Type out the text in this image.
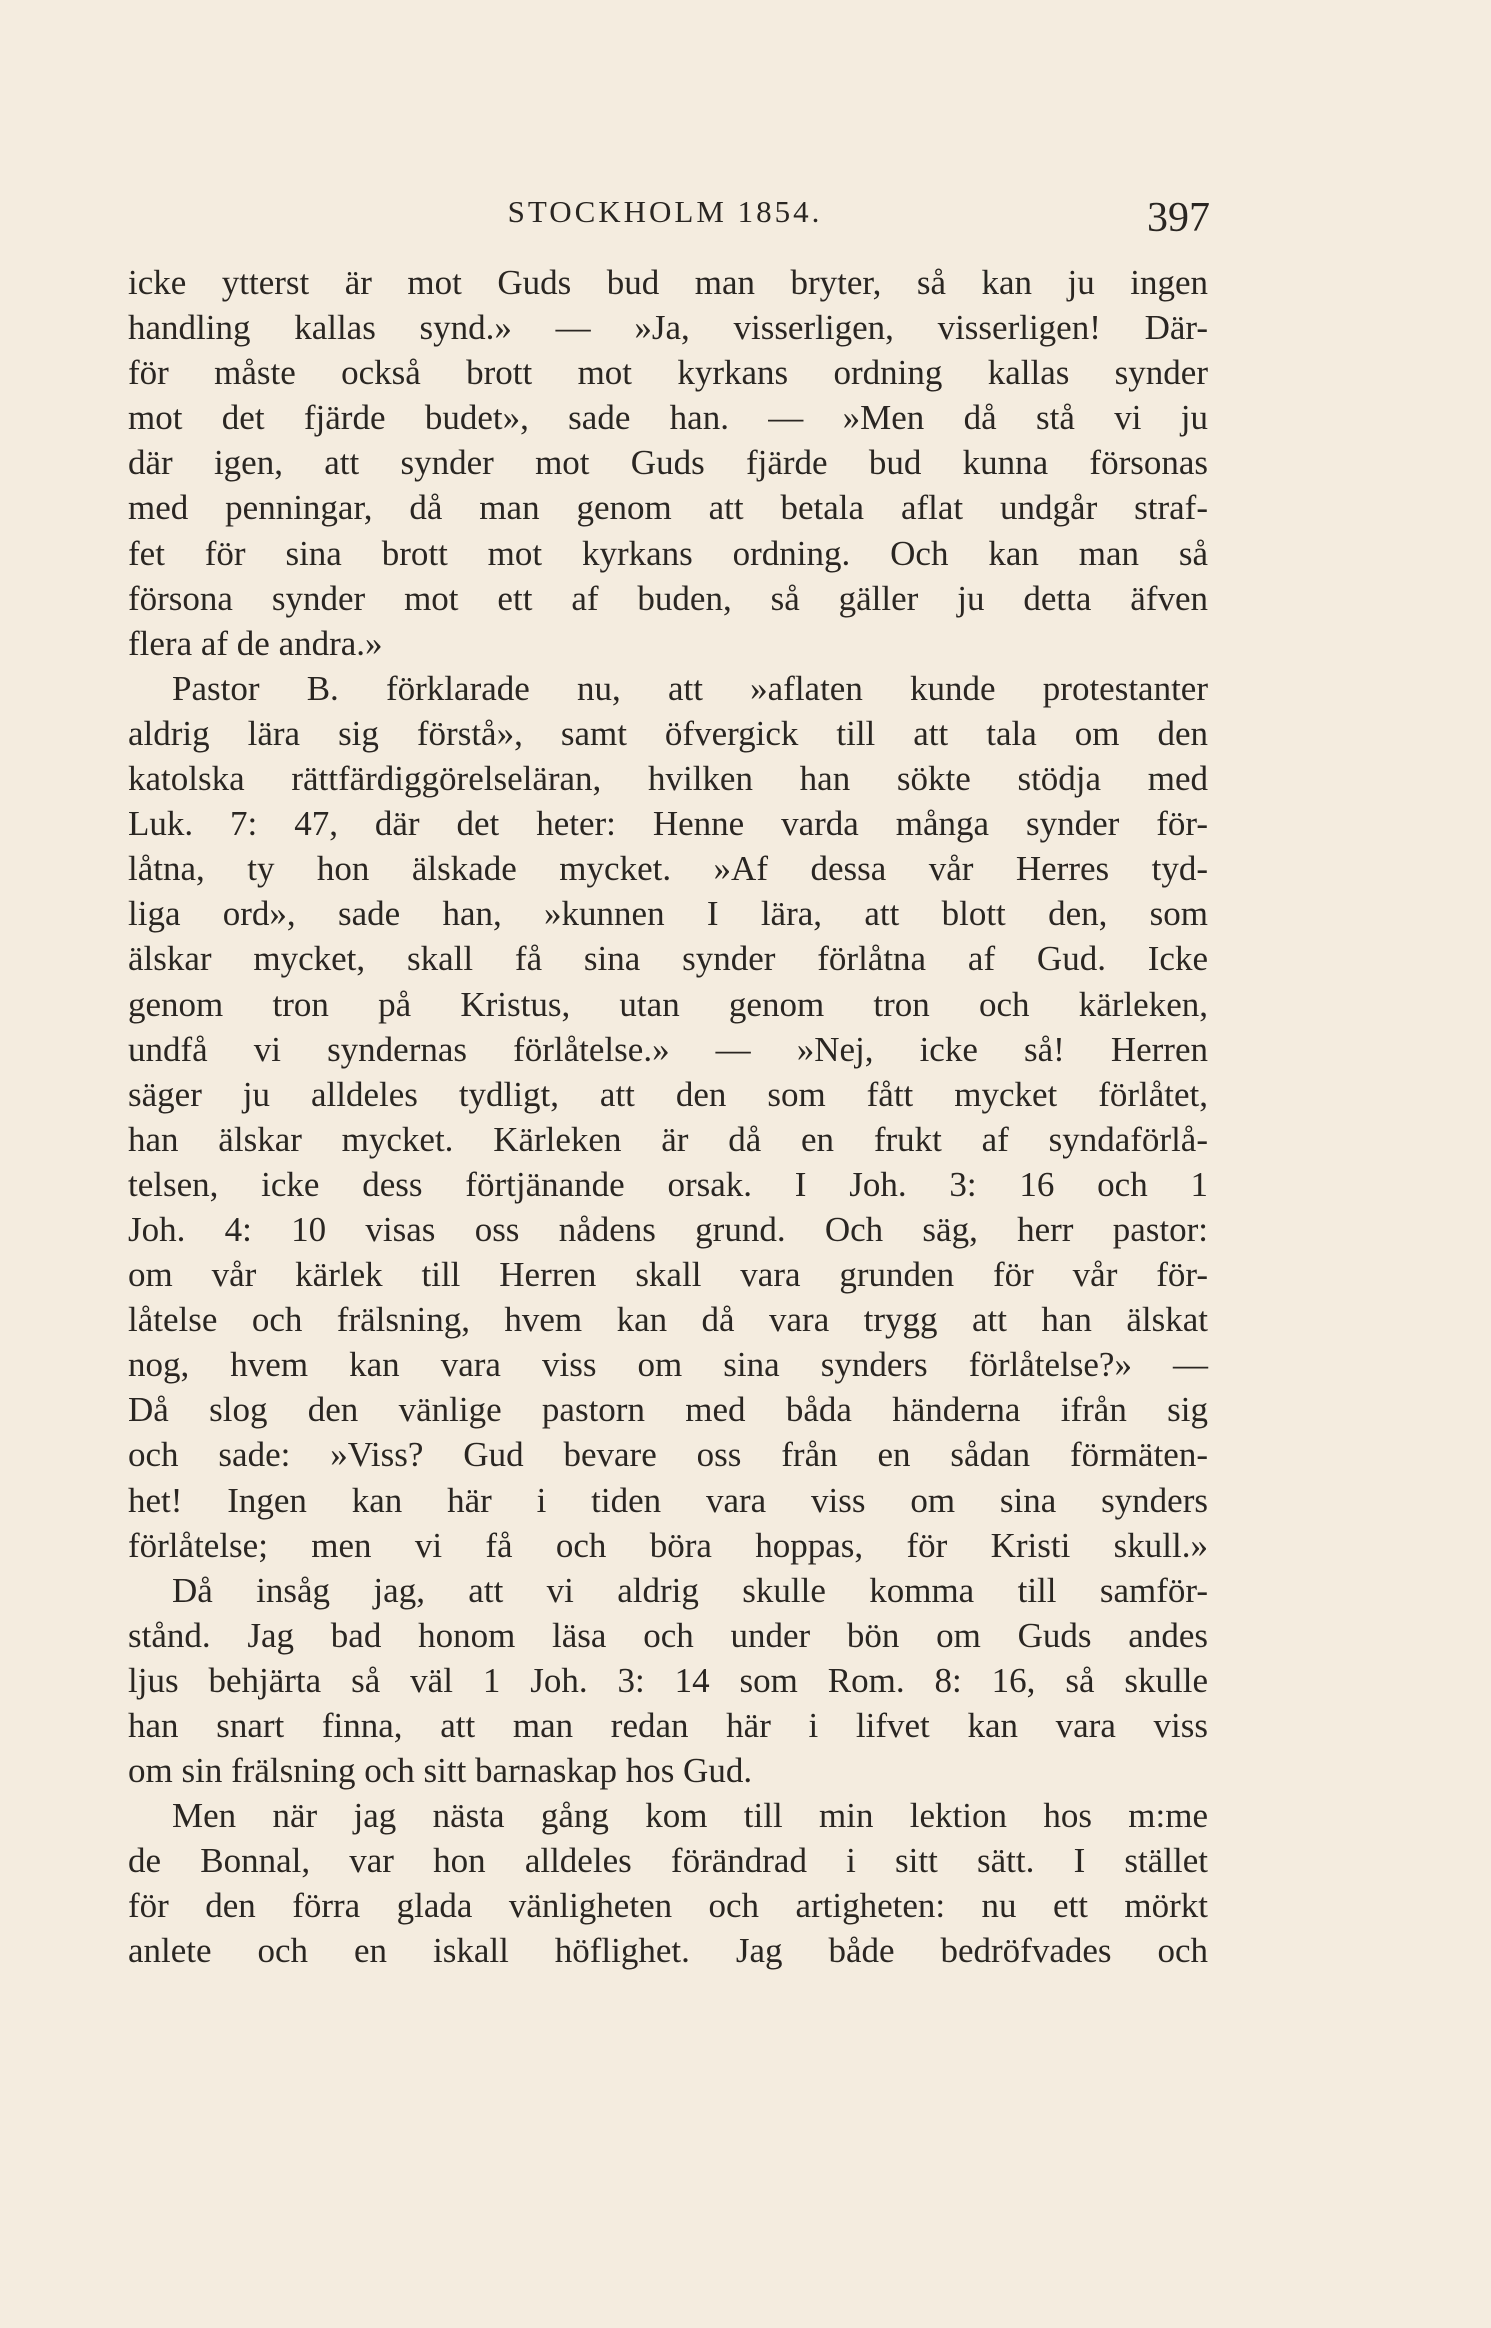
STOCKHOLM 1854.	397
icke ytterst är mot Guds bud man bryter, så kan ju ingen
handling kallas synd.» — »Ja, visserligen, visserligen! Där-
för måste också brott mot kyrkans ordning kallas synder
mot det fjärde budet», sade han. — »Men då stå vi ju
där igen, att synder mot Guds fjärde bud kunna försonas
med penningar, då man genom att betala aflat undgår straf-
fet för sina brott mot kyrkans ordning. Och kan man så
försona synder mot ett af buden, så gäller ju detta äfven
flera af de andra.»
Pastor B. förklarade nu, att »aflaten kunde protestanter
aldrig lära sig förstå», samt öfvergick till att tala om den
katolska rättfärdiggörelseläran, hvilken han sökte stödja med
Luk. 7: 47, där det heter: Henne varda många synder för-
låtna, ty hon älskade mycket. »Af dessa vår Herres tyd-
liga ord», sade han, »kunnen I lära, att blott den, som
älskar mycket, skall få sina synder förlåtna af Gud. Icke
genom tron på Kristus, utan genom tron och kärleken,
undfå vi syndernas förlåtelse.» — »Nej, icke så! Herren
säger ju alldeles tydligt, att den som fått mycket förlåtet,
han älskar mycket. Kärleken är då en frukt af syndaförlå-
telsen, icke dess förtjänande orsak. I Joh. 3: 16 och 1
Joh. 4: 10 visas oss nådens grund. Och säg, herr pastor:
om vår kärlek till Herren skall vara grunden för vår för-
låtelse och frälsning, hvem kan då vara trygg att han älskat
nog, hvem kan vara viss om sina synders förlåtelse?» —
Då slog den vänlige pastorn med båda händerna ifrån sig
och sade: »Viss? Gud bevare oss från en sådan förmäten-
het! Ingen kan här i tiden vara viss om sina synders
förlåtelse; men vi få och böra hoppas, för Kristi skull.»
Då insåg jag, att vi aldrig skulle komma till samför-
stånd. Jag bad honom läsa och under bön om Guds andes
ljus behjärta så väl 1 Joh. 3: 14 som Rom. 8: 16, så skulle
han snart finna, att man redan här i lifvet kan vara viss
om sin frälsning och sitt barnaskap hos Gud.
Men när jag nästa gång kom till min lektion hos m:me
de Bonnal, var hon alldeles förändrad i sitt sätt. I stället
för den förra glada vänligheten och artigheten: nu ett mörkt
anlete och en iskall höflighet. Jag både bedröfvades och
